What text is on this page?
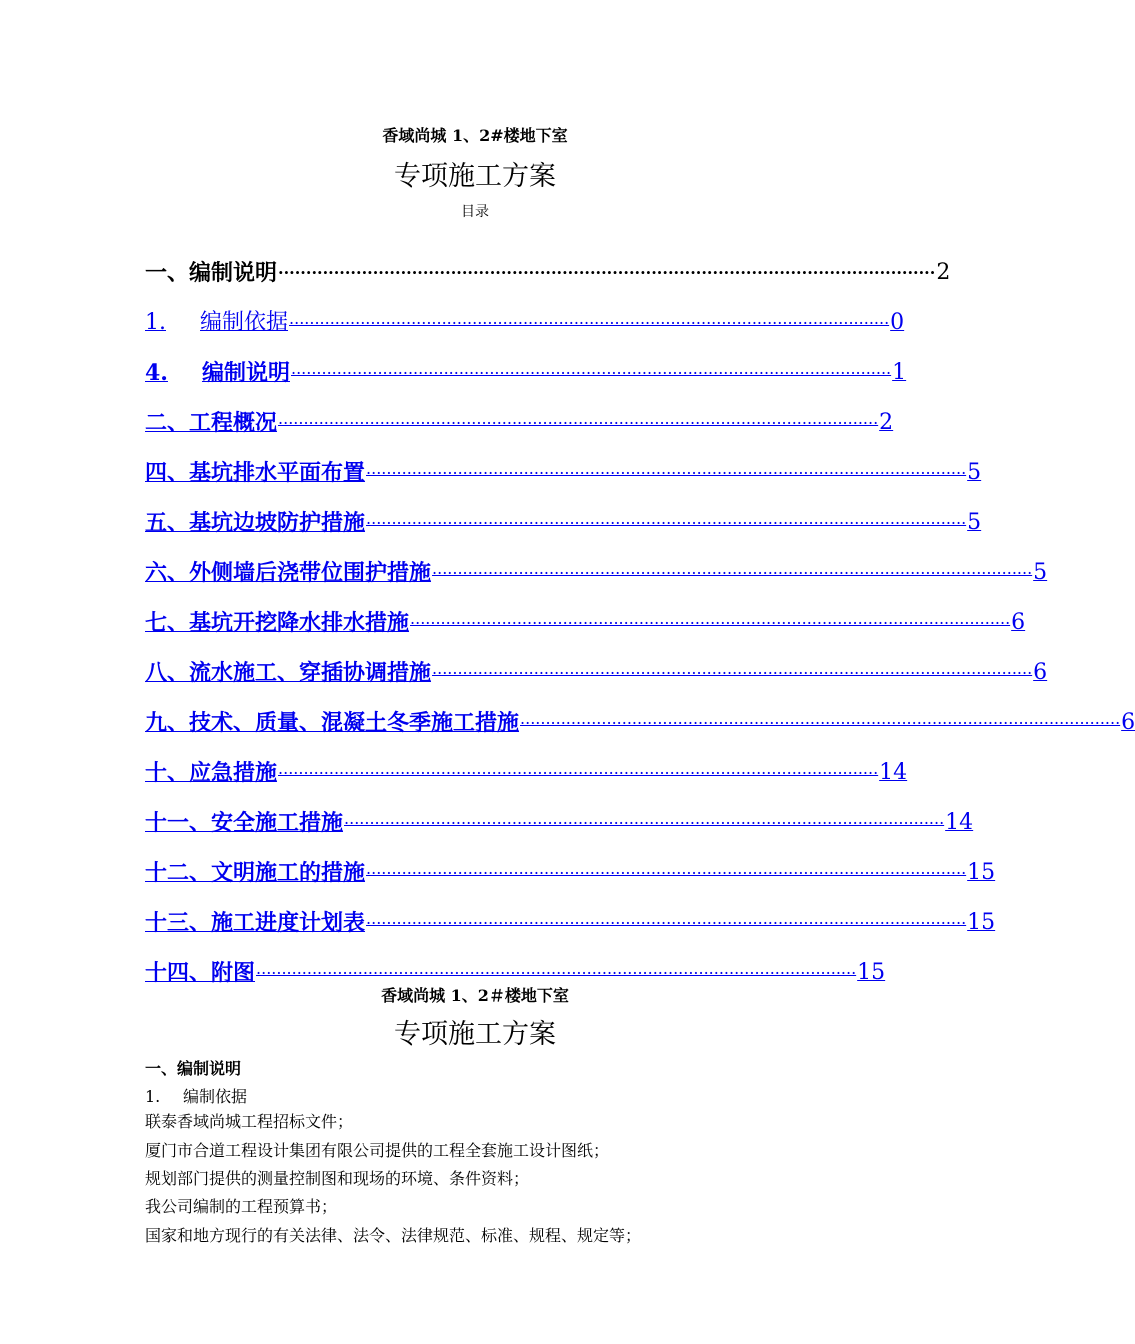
香域尚城 1、2#楼地下室
专项施工方案
目录
一、编制说明 ...................................................................................................................... 2
1. 编制依据 ...................................................................................................................... 0
4. 编制说明 ...................................................................................................................... 1
二、工程概况 ...................................................................................................................... 2
四、基坑排水平面布置 ...................................................................................................................... 5
五、基坑边坡防护措施 ...................................................................................................................... 5
六、外侧墙后浇带位围护措施 ...................................................................................................................... 5
七、基坑开挖降水排水措施 ...................................................................................................................... 6
八、流水施工、穿插协调措施 ...................................................................................................................... 6
九、技术、质量、混凝土冬季施工措施 ...................................................................................................................... 6
十、应急措施 ...................................................................................................................... 14
十一、安全施工措施 ...................................................................................................................... 14
十二、文明施工的措施 ...................................................................................................................... 15
十三、施工进度计划表 ...................................................................................................................... 15
十四、附图 ...................................................................................................................... 15
香域尚城 1、2＃楼地下室
专项施工方案
一、编制说明
1. 编制依据
联泰香域尚城工程招标文件；
厦门市合道工程设计集团有限公司提供的工程全套施工设计图纸；
规划部门提供的测量控制图和现场的环境、条件资料；
我公司编制的工程预算书；
国家和地方现行的有关法律、法令、法律规范、标准、规程、规定等；
